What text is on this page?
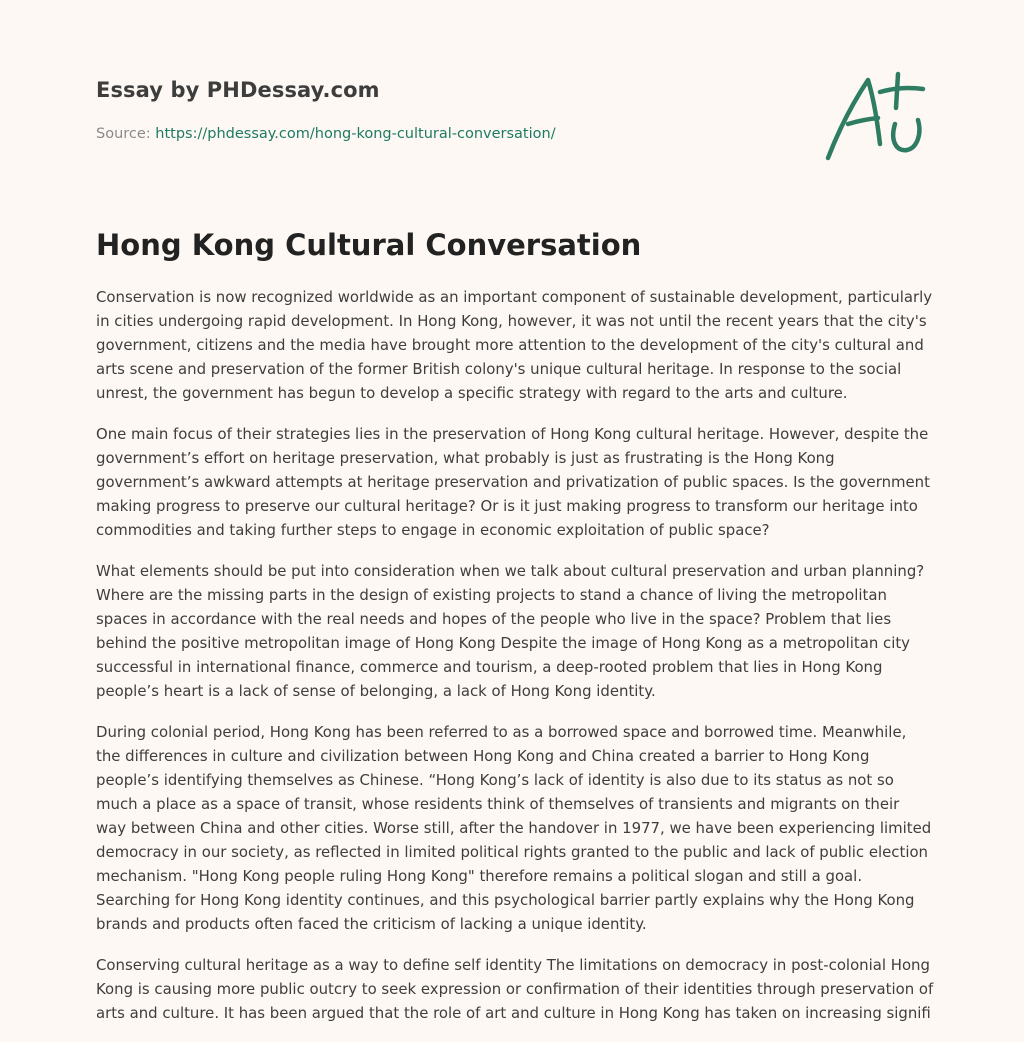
Essay by PHDessay.com
Source: https://phdessay.com/hong-kong-cultural-conversation/
Hong Kong Cultural Conversation

Conservation is now recognized worldwide as an important component of sustainable development, particularly in cities undergoing rapid development. In Hong Kong, however, it was not until the recent years that the city's government, citizens and the media have brought more attention to the development of the city's cultural and arts scene and preservation of the former British colony's unique cultural heritage. In response to the social unrest, the government has begun to develop a specific strategy with regard to the arts and culture.

One main focus of their strategies lies in the preservation of Hong Kong cultural heritage. However, despite the government’s effort on heritage preservation, what probably is just as frustrating is the Hong Kong government’s awkward attempts at heritage preservation and privatization of public spaces. Is the government making progress to preserve our cultural heritage? Or is it just making progress to transform our heritage into commodities and taking further steps to engage in economic exploitation of public space?

What elements should be put into consideration when we talk about cultural preservation and urban planning? Where are the missing parts in the design of existing projects to stand a chance of living the metropolitan spaces in accordance with the real needs and hopes of the people who live in the space? Problem that lies behind the positive metropolitan image of Hong Kong Despite the image of Hong Kong as a metropolitan city successful in international finance, commerce and tourism, a deep-rooted problem that lies in Hong Kong people’s heart is a lack of sense of belonging, a lack of Hong Kong identity.

During colonial period, Hong Kong has been referred to as a borrowed space and borrowed time. Meanwhile, the differences in culture and civilization between Hong Kong and China created a barrier to Hong Kong people’s identifying themselves as Chinese. “Hong Kong’s lack of identity is also due to its status as not so much a place as a space of transit, whose residents think of themselves of transients and migrants on their way between China and other cities. Worse still, after the handover in 1977, we have been experiencing limited democracy in our society, as reflected in limited political rights granted to the public and lack of public election mechanism. "Hong Kong people ruling Hong Kong" therefore remains a political slogan and still a goal. Searching for Hong Kong identity continues, and this psychological barrier partly explains why the Hong Kong brands and products often faced the criticism of lacking a unique identity.

Conserving cultural heritage as a way to define self identity The limitations on democracy in post-colonial Hong Kong is causing more public outcry to seek expression or confirmation of their identities through preservation of arts and culture. It has been argued that the role of art and culture in Hong Kong has taken on increasing signifi
